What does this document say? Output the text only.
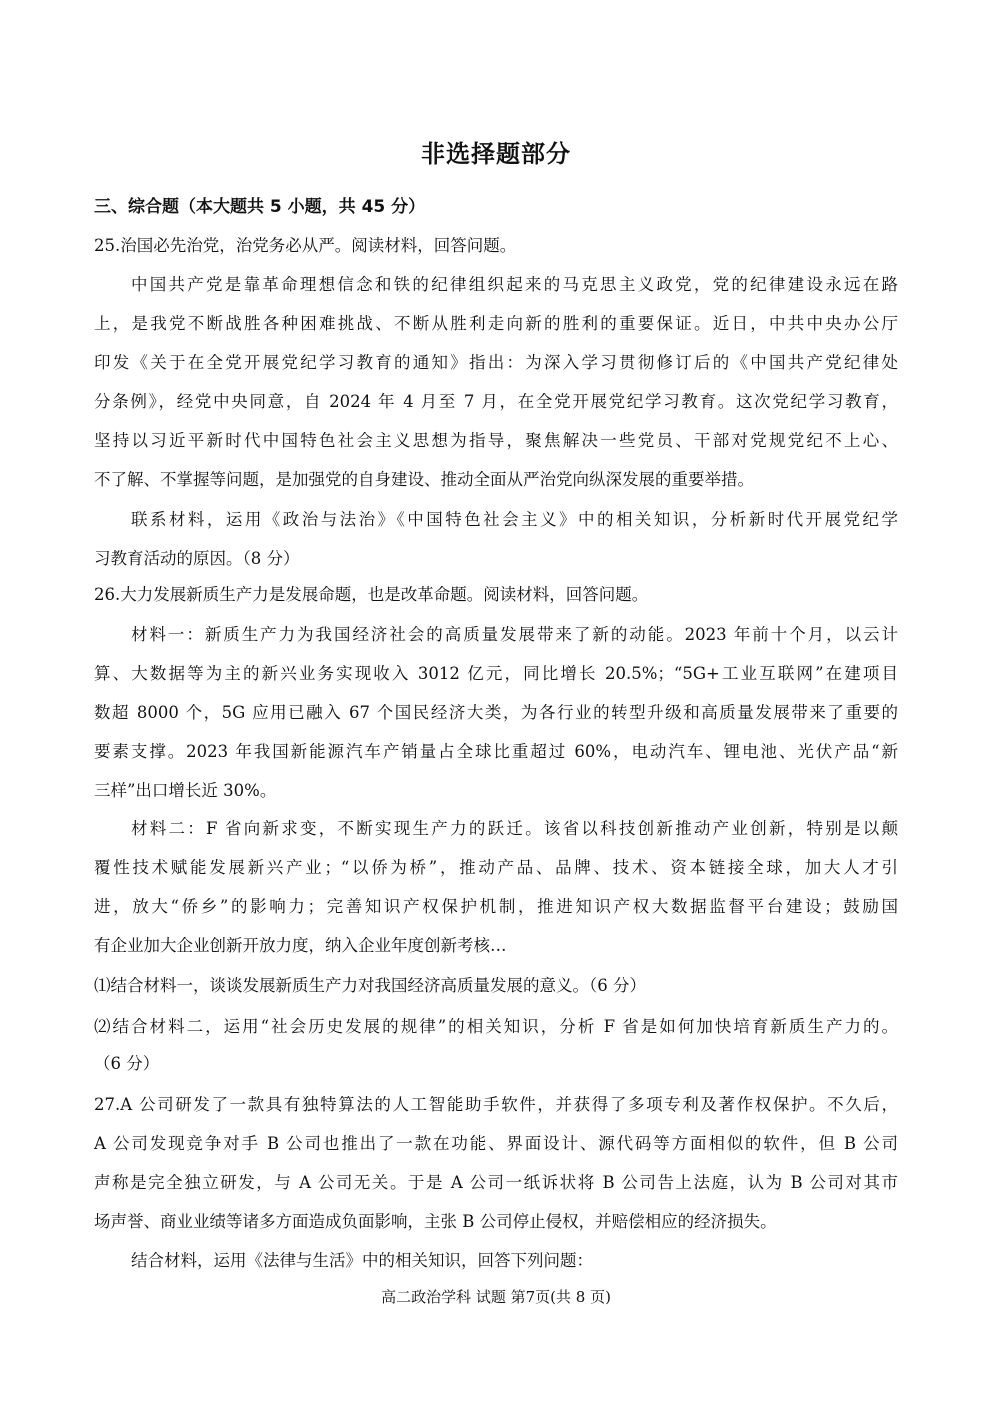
非选择题部分
三、综合题（本大题共 5 小题，共 45 分）
25.治国必先治党，治党务必从严。阅读材料，回答问题。
中国共产党是靠革命理想信念和铁的纪律组织起来的马克思主义政党，党的纪律建设永远在路
上，是我党不断战胜各种困难挑战、不断从胜利走向新的胜利的重要保证。近日，中共中央办公厅
印发《关于在全党开展党纪学习教育的通知》指出：为深入学习贯彻修订后的《中国共产党纪律处
分条例》，经党中央同意，自 2024 年 4 月至 7 月，在全党开展党纪学习教育。这次党纪学习教育，
坚持以习近平新时代中国特色社会主义思想为指导，聚焦解决一些党员、干部对党规党纪不上心、
不了解、不掌握等问题，是加强党的自身建设、推动全面从严治党向纵深发展的重要举措。
联系材料，运用《政治与法治》《中国特色社会主义》中的相关知识，分析新时代开展党纪学
习教育活动的原因。（8 分）
26.大力发展新质生产力是发展命题，也是改革命题。阅读材料，回答问题。
材料一：新质生产力为我国经济社会的高质量发展带来了新的动能。2023 年前十个月，以云计
算、大数据等为主的新兴业务实现收入 3012 亿元，同比增长 20.5%；“5G+工业互联网”在建项目
数超 8000 个，5G 应用已融入 67 个国民经济大类，为各行业的转型升级和高质量发展带来了重要的
要素支撑。2023 年我国新能源汽车产销量占全球比重超过 60%，电动汽车、锂电池、光伏产品“新
三样”出口增长近 30%。
材料二：F 省向新求变，不断实现生产力的跃迁。该省以科技创新推动产业创新，特别是以颠
覆性技术赋能发展新兴产业；“以侨为桥”，推动产品、品牌、技术、资本链接全球，加大人才引
进，放大“侨乡”的影响力；完善知识产权保护机制，推进知识产权大数据监督平台建设；鼓励国
有企业加大企业创新开放力度，纳入企业年度创新考核…
⑴结合材料一，谈谈发展新质生产力对我国经济高质量发展的意义。（6 分）
⑵结合材料二，运用“社会历史发展的规律”的相关知识，分析 F 省是如何加快培育新质生产力的。
（6 分）
27.A 公司研发了一款具有独特算法的人工智能助手软件，并获得了多项专利及著作权保护。不久后，
A 公司发现竞争对手 B 公司也推出了一款在功能、界面设计、源代码等方面相似的软件，但 B 公司
声称是完全独立研发，与 A 公司无关。于是 A 公司一纸诉状将 B 公司告上法庭，认为 B 公司对其市
场声誉、商业业绩等诸多方面造成负面影响，主张 B 公司停止侵权，并赔偿相应的经济损失。
结合材料，运用《法律与生活》中的相关知识，回答下列问题：
高二政治学科 试题 第7页(共 8 页)
